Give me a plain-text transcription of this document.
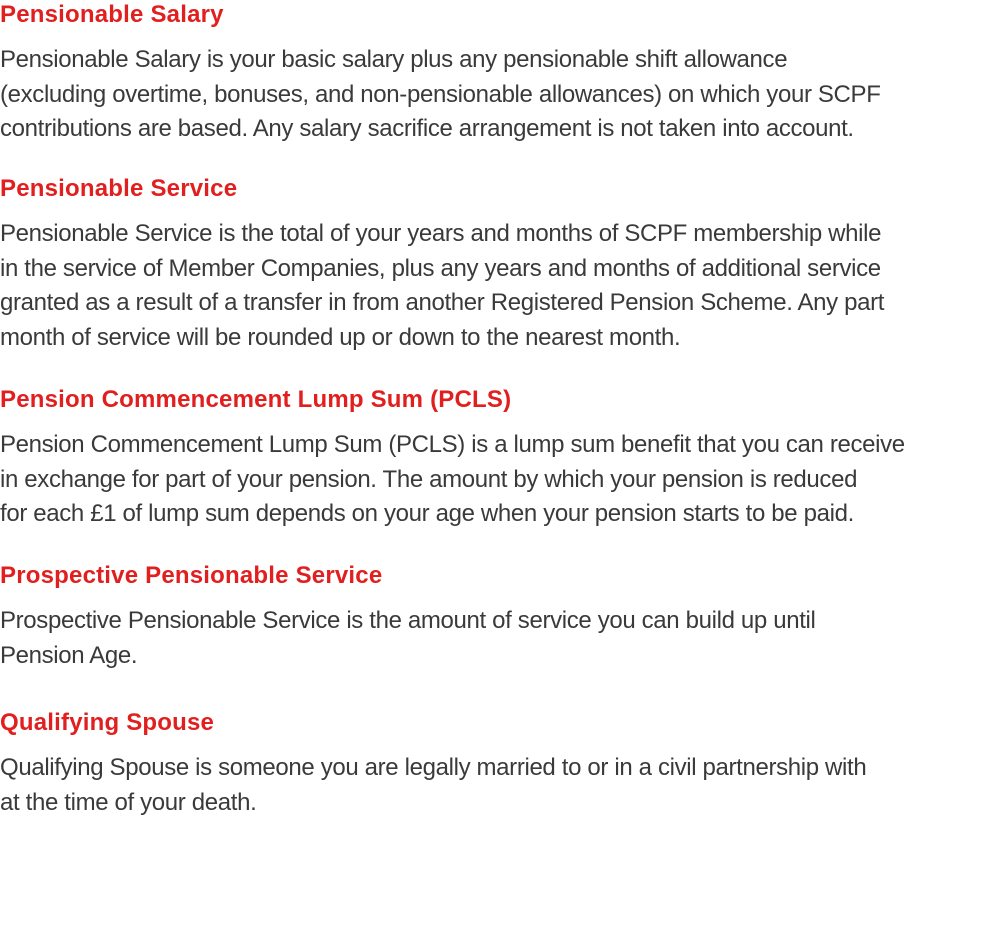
Pensionable Salary

Pensionable Salary is your basic salary plus any pensionable shift allowance
(excluding overtime, bonuses, and non-pensionable allowances) on which your SCPF
contributions are based. Any salary sacrifice arrangement is not taken into account.

Pensionable Service

Pensionable Service is the total of your years and months of SCPF membership while
in the service of Member Companies, plus any years and months of additional service
granted as a result of a transfer in from another Registered Pension Scheme. Any part
month of service will be rounded up or down to the nearest month.

Pension Commencement Lump Sum (PCLS)

Pension Commencement Lump Sum (PCLS) is a lump sum benefit that you can receive
in exchange for part of your pension. The amount by which your pension is reduced
for each £1 of lump sum depends on your age when your pension starts to be paid.

Prospective Pensionable Service

Prospective Pensionable Service is the amount of service you can build up until
Pension Age.

Qualifying Spouse

Qualifying Spouse is someone you are legally married to or in a civil partnership with
at the time of your death.
